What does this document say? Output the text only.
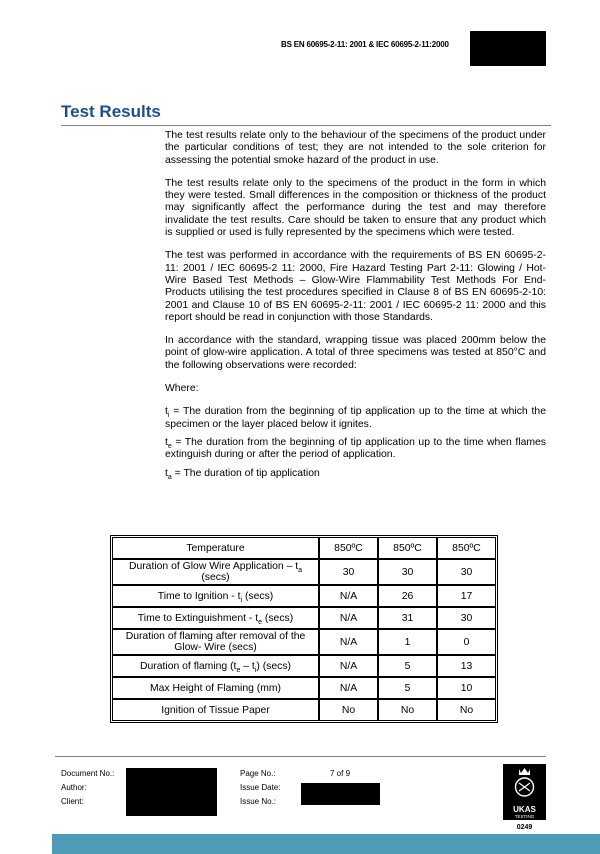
BS EN 60695-2-11: 2001 & IEC 60695-2-11:2000
Test Results

The test results relate only to the behaviour of the specimens of the product under the particular conditions of test; they are not intended to the sole criterion for assessing the potential smoke hazard of the product in use.

The test results relate only to the specimens of the product in the form in which they were tested. Small differences in the composition or thickness of the product may significantly affect the performance during the test and may therefore invalidate the test results. Care should be taken to ensure that any product which is supplied or used is fully represented by the specimens which were tested.

The test was performed in accordance with the requirements of BS EN 60695-2-11: 2001 / IEC 60695-2 11: 2000, Fire Hazard Testing Part 2-11: Glowing / Hot-Wire Based Test Methods – Glow-Wire Flammability Test Methods For End-Products utilising the test procedures specified in Clause 8 of BS EN 60695-2-10: 2001 and Clause 10 of BS EN 60695-2-11: 2001 / IEC 60695-2 11: 2000 and this report should be read in conjunction with those Standards.

In accordance with the standard, wrapping tissue was placed 200mm below the point of glow-wire application. A total of three specimens was tested at 850°C and the following observations were recorded:

Where:

$t_i$ = The duration from the beginning of tip application up to the time at which the specimen or the layer placed below it ignites.

$t_e$ = The duration from the beginning of tip application up to the time when flames extinguish during or after the period of application.

$t_a$ = The duration of tip application

Temperature	850ºC	850ºC	850ºC
Duration of Glow Wire Application – $t_a$ (secs)	30	30	30
Time to Ignition - $t_i$ (secs)	N/A	26	17
Time to Extinguishment - $t_e$ (secs)	N/A	31	30
Duration of flaming after removal of the Glow- Wire (secs)	N/A	1	0
Duration of flaming $(t_e - t_i)$ (secs)	N/A	5	13
Max Height of Flaming (mm)	N/A	5	10
Ignition of Tissue Paper	No	No	No
Document No.:
Author:
Client:
Page No.:	7 of 9
Issue Date:
Issue No.:
UKAS
TESTING
0249
